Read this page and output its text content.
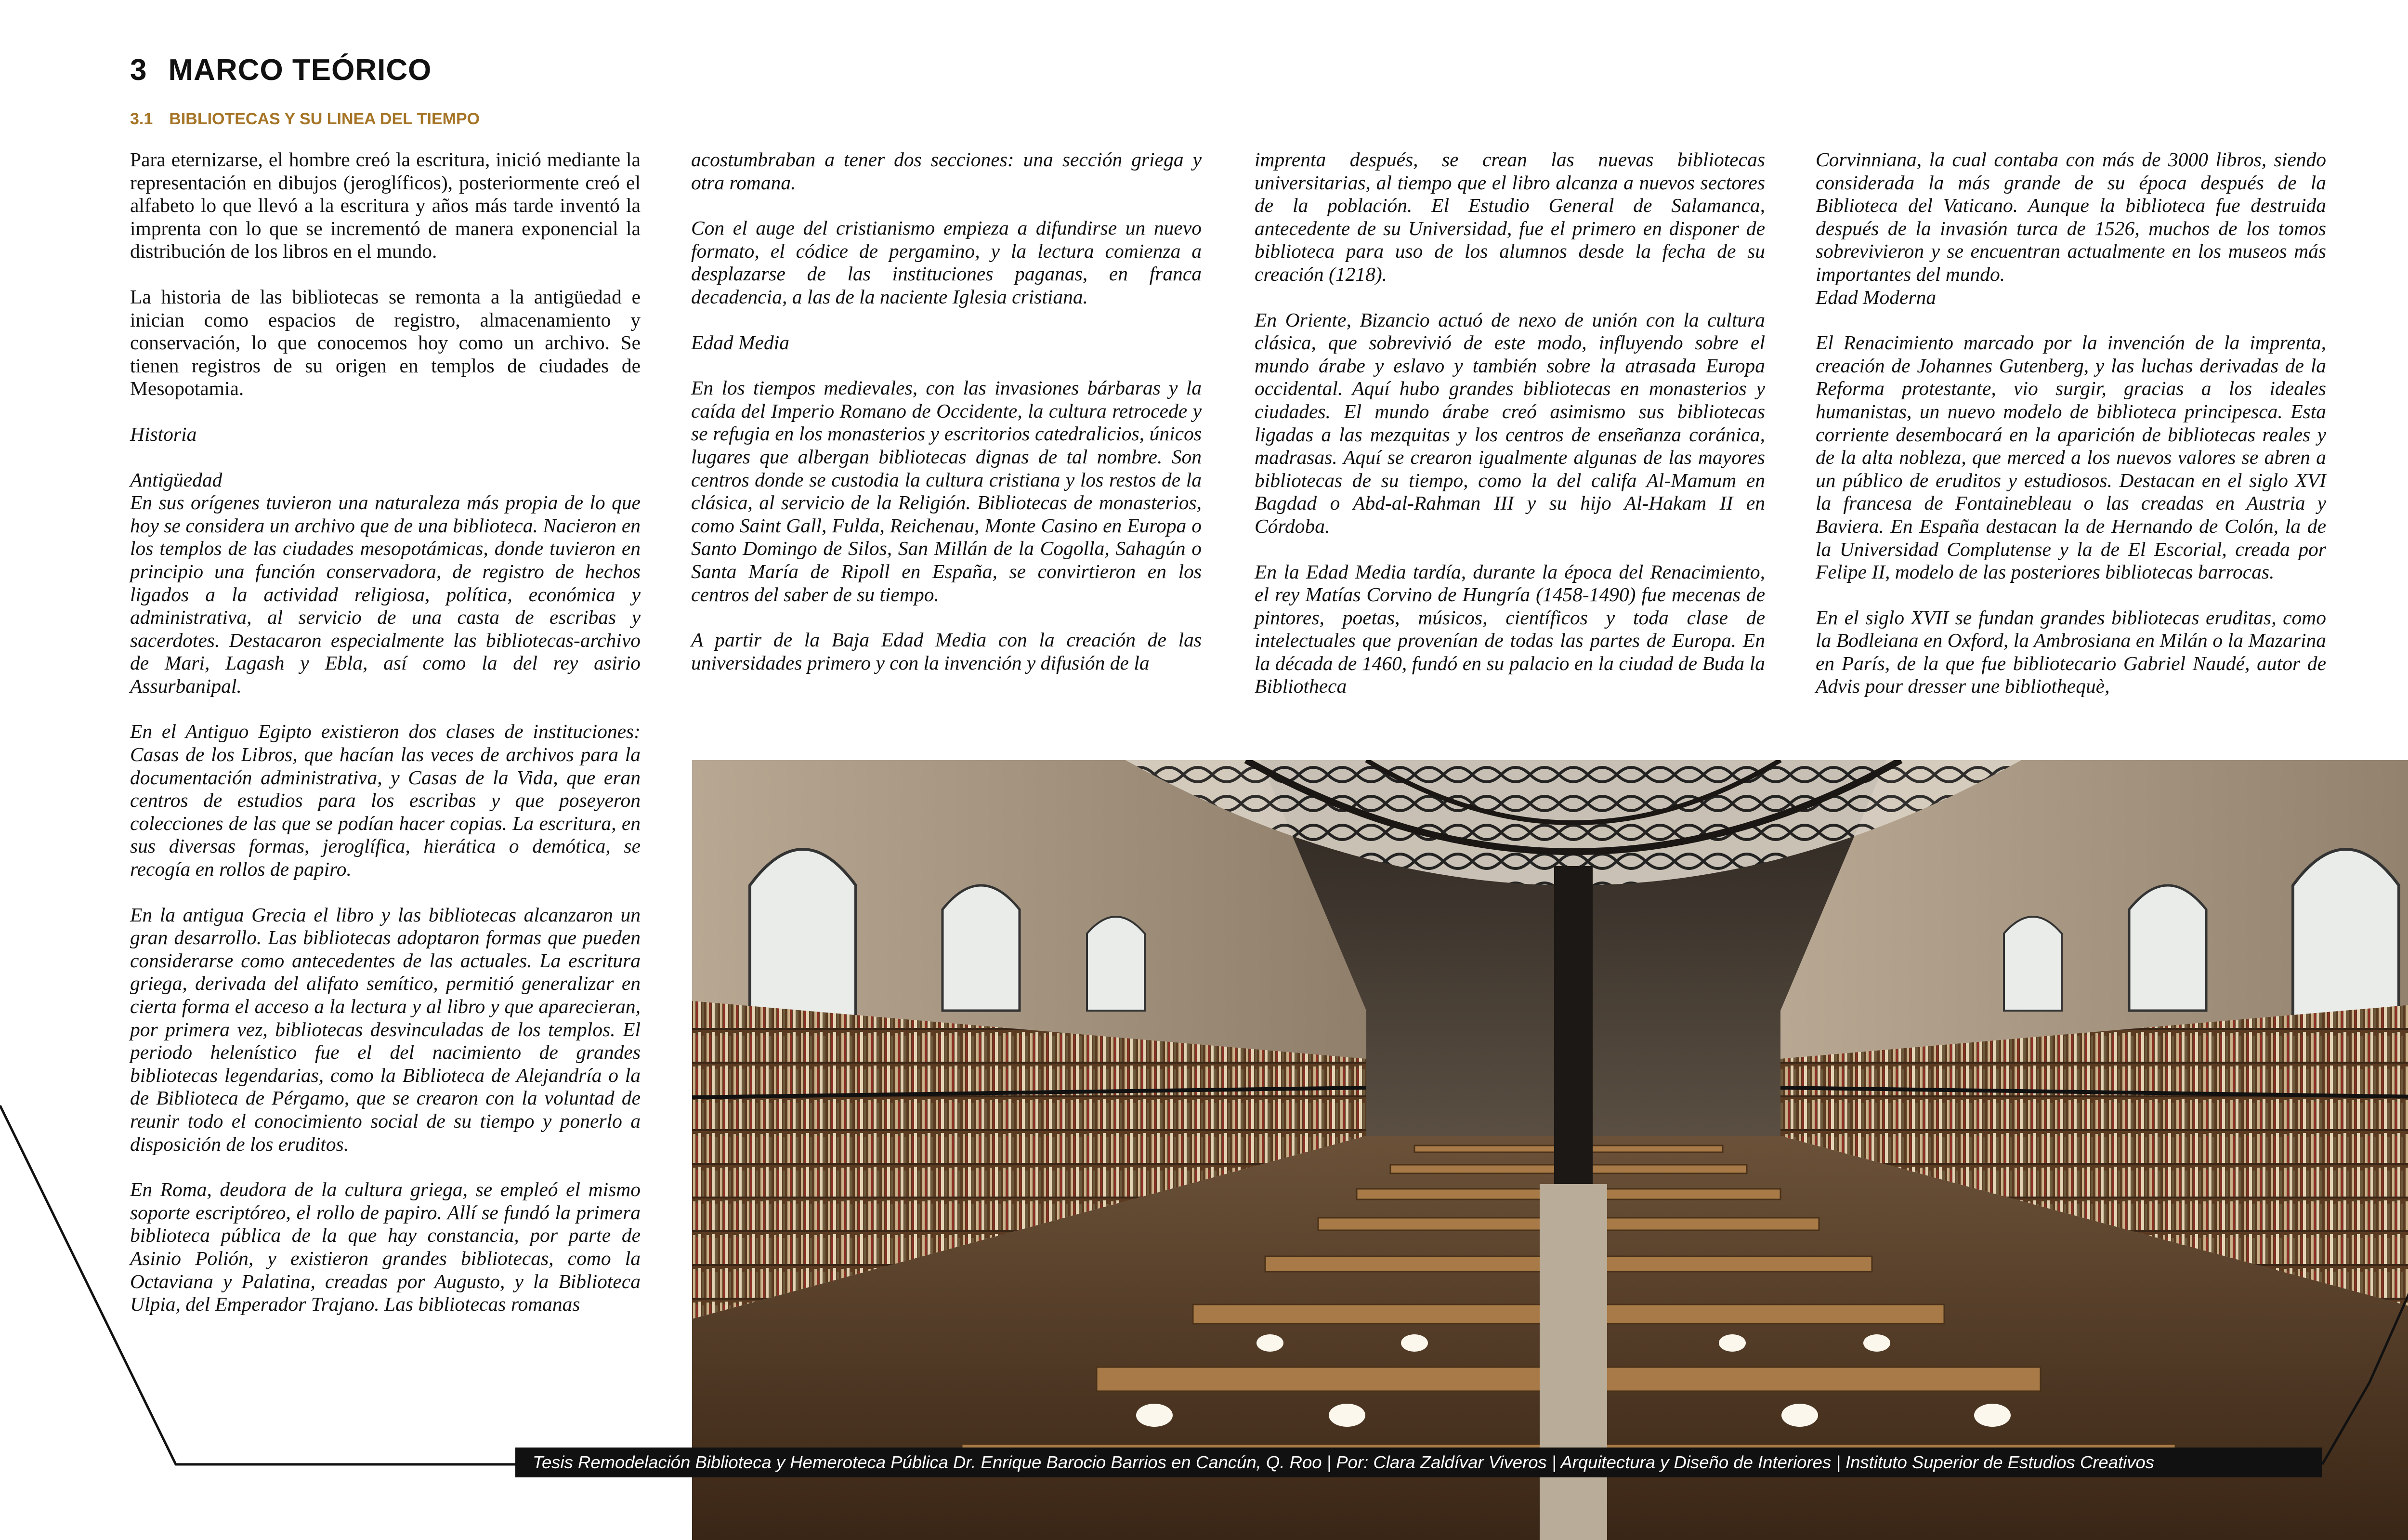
3 MARCO TEÓRICO
3.1 BIBLIOTECAS Y SU LINEA DEL TIEMPO

Para eternizarse, el hombre creó la escritura, inició mediante la representación en dibujos (jeroglíficos), posteriormente creó el alfabeto lo que llevó a la escritura y años más tarde inventó la imprenta con lo que se incrementó de manera exponencial la distribución de los libros en el mundo.

La historia de las bibliotecas se remonta a la antigüedad e inician como espacios de registro, almacenamiento y conservación, lo que conocemos hoy como un archivo. Se tienen registros de su origen en templos de ciudades de Mesopotamia.

Historia

Antigüedad
En sus orígenes tuvieron una naturaleza más propia de lo que hoy se considera un archivo que de una biblioteca. Nacieron en los templos de las ciudades mesopotámicas, donde tuvieron en principio una función conservadora, de registro de hechos ligados a la actividad religiosa, política, económica y administrativa, al servicio de una casta de escribas y sacerdotes. Destacaron especialmente las bibliotecas-archivo de Mari, Lagash y Ebla, así como la del rey asirio Assurbanipal.

En el Antiguo Egipto existieron dos clases de instituciones: Casas de los Libros, que hacían las veces de archivos para la documentación administrativa, y Casas de la Vida, que eran centros de estudios para los escribas y que poseyeron colecciones de las que se podían hacer copias. La escritura, en sus diversas formas, jeroglífica, hierática o demótica, se recogía en rollos de papiro.

En la antigua Grecia el libro y las bibliotecas alcanzaron un gran desarrollo. Las bibliotecas adoptaron formas que pueden considerarse como antecedentes de las actuales. La escritura griega, derivada del alifato semítico, permitió generalizar en cierta forma el acceso a la lectura y al libro y que aparecieran, por primera vez, bibliotecas desvinculadas de los templos. El periodo helenístico fue el del nacimiento de grandes bibliotecas legendarias, como la Biblioteca de Alejandría o la de Biblioteca de Pérgamo, que se crearon con la voluntad de reunir todo el conocimiento social de su tiempo y ponerlo a disposición de los eruditos.

En Roma, deudora de la cultura griega, se empleó el mismo soporte escriptóreo, el rollo de papiro. Allí se fundó la primera biblioteca pública de la que hay constancia, por parte de Asinio Polión, y existieron grandes bibliotecas, como la Octaviana y Palatina, creadas por Augusto, y la Biblioteca Ulpia, del Emperador Trajano. Las bibliotecas romanas

acostumbraban a tener dos secciones: una sección griega y otra romana.

Con el auge del cristianismo empieza a difundirse un nuevo formato, el códice de pergamino, y la lectura comienza a desplazarse de las instituciones paganas, en franca decadencia, a las de la naciente Iglesia cristiana.

Edad Media

En los tiempos medievales, con las invasiones bárbaras y la caída del Imperio Romano de Occidente, la cultura retrocede y se refugia en los monasterios y escritorios catedralicios, únicos lugares que albergan bibliotecas dignas de tal nombre. Son centros donde se custodia la cultura cristiana y los restos de la clásica, al servicio de la Religión. Bibliotecas de monasterios, como Saint Gall, Fulda, Reichenau, Monte Casino en Europa o Santo Domingo de Silos, San Millán de la Cogolla, Sahagún o Santa María de Ripoll en España, se convirtieron en los centros del saber de su tiempo.

A partir de la Baja Edad Media con la creación de las universidades primero y con la invención y difusión de la

imprenta después, se crean las nuevas bibliotecas universitarias, al tiempo que el libro alcanza a nuevos sectores de la población. El Estudio General de Salamanca, antecedente de su Universidad, fue el primero en disponer de biblioteca para uso de los alumnos desde la fecha de su creación (1218).

En Oriente, Bizancio actuó de nexo de unión con la cultura clásica, que sobrevivió de este modo, influyendo sobre el mundo árabe y eslavo y también sobre la atrasada Europa occidental. Aquí hubo grandes bibliotecas en monasterios y ciudades. El mundo árabe creó asimismo sus bibliotecas ligadas a las mezquitas y los centros de enseñanza coránica, madrasas. Aquí se crearon igualmente algunas de las mayores bibliotecas de su tiempo, como la del califa Al-Mamum en Bagdad o Abd-al-Rahman III y su hijo Al-Hakam II en Córdoba.

En la Edad Media tardía, durante la época del Renacimiento, el rey Matías Corvino de Hungría (1458-1490) fue mecenas de pintores, poetas, músicos, científicos y toda clase de intelectuales que provenían de todas las partes de Europa. En la década de 1460, fundó en su palacio en la ciudad de Buda la Bibliotheca

Corvinniana, la cual contaba con más de 3000 libros, siendo considerada la más grande de su época después de la Biblioteca del Vaticano. Aunque la biblioteca fue destruida después de la invasión turca de 1526, muchos de los tomos sobrevivieron y se encuentran actualmente en los museos más importantes del mundo.

Edad Moderna

El Renacimiento marcado por la invención de la imprenta, creación de Johannes Gutenberg, y las luchas derivadas de la Reforma protestante, vio surgir, gracias a los ideales humanistas, un nuevo modelo de biblioteca principesca. Esta corriente desembocará en la aparición de bibliotecas reales y de la alta nobleza, que merced a los nuevos valores se abren a un público de eruditos y estudiosos. Destacan en el siglo XVI la francesa de Fontainebleau o las creadas en Austria y Baviera. En España destacan la de Hernando de Colón, la de la Universidad Complutense y la de El Escorial, creada por Felipe II, modelo de las posteriores bibliotecas barrocas.

En el siglo XVII se fundan grandes bibliotecas eruditas, como la Bodleiana en Oxford, la Ambrosiana en Milán o la Mazarina en París, de la que fue bibliotecario Gabriel Naudé, autor de Advis pour dresser une bibliothequè,

Tesis Remodelación Biblioteca y Hemeroteca Pública Dr. Enrique Barocio Barrios en Cancún, Q. Roo | Por: Clara Zaldívar Viveros | Arquitectura y Diseño de Interiores | Instituto Superior de Estudios Creativos
